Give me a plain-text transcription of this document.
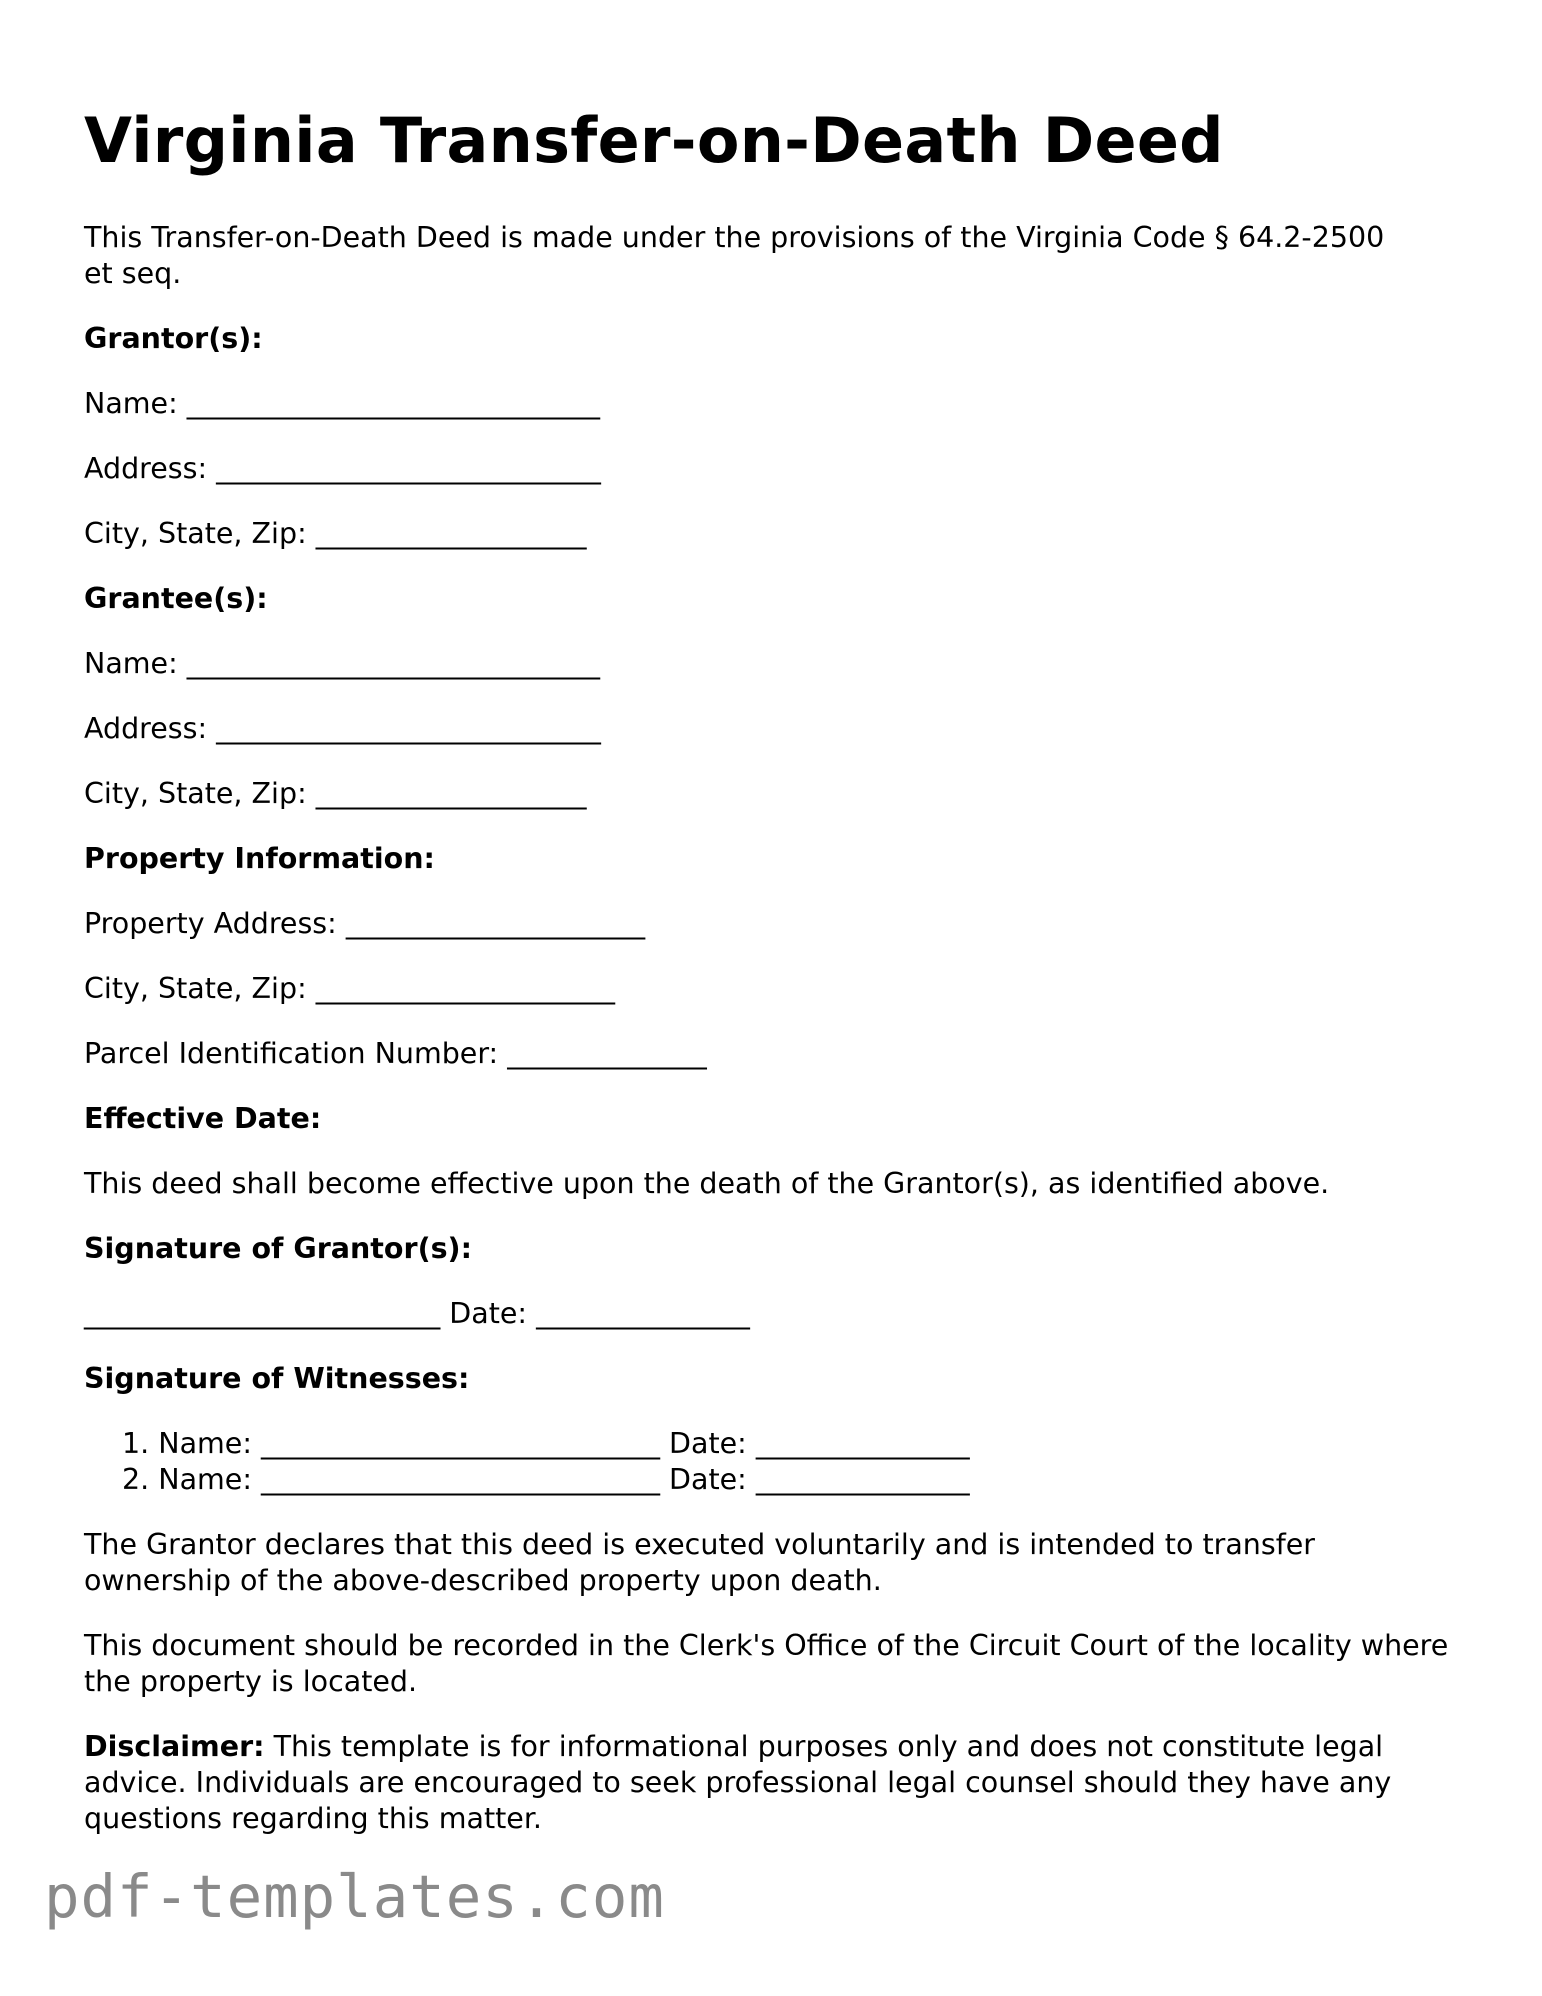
Virginia Transfer-on-Death Deed

This Transfer-on-Death Deed is made under the provisions of the Virginia Code § 64.2-2500 et seq.

Grantor(s):
Name: _____________________________
Address: ___________________________
City, State, Zip: ___________________
Grantee(s):
Name: _____________________________
Address: ___________________________
City, State, Zip: ___________________
Property Information:
Property Address: _____________________
City, State, Zip: _____________________
Parcel Identification Number: ______________
Effective Date:

This deed shall become effective upon the death of the Grantor(s), as identified above.

Signature of Grantor(s):
_________________________ Date: _______________
Signature of Witnesses:
1. Name: ____________________________ Date: _______________
2. Name: ____________________________ Date: _______________

The Grantor declares that this deed is executed voluntarily and is intended to transfer ownership of the above-described property upon death.

This document should be recorded in the Clerk's Office of the Circuit Court of the locality where the property is located.

Disclaimer: This template is for informational purposes only and does not constitute legal advice. Individuals are encouraged to seek professional legal counsel should they have any questions regarding this matter.

pdf-templates.com
